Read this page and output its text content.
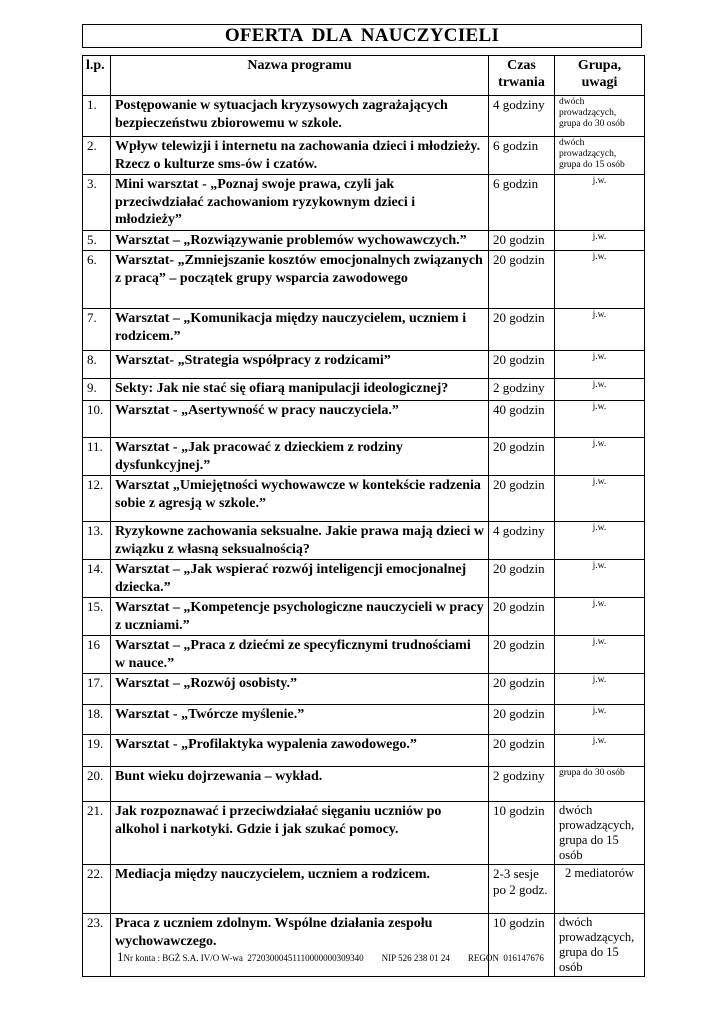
OFERTA DLA NAUCZYCIELI
l.p.	Nazwa programu	Czas trwania	Grupa, uwagi
1.	Postępowanie w sytuacjach kryzysowych zagrażających bezpieczeństwu zbiorowemu w szkole.	4 godziny	dwóch prowadzących, grupa do 30 osób
2.	Wpływ telewizji i internetu na zachowania dzieci i młodzieży. Rzecz o kulturze sms-ów i czatów.	6 godzin	dwóch prowadzących, grupa do 15 osób
3.	Mini warsztat - „Poznaj swoje prawa, czyli jak przeciwdziałać zachowaniom ryzykownym dzieci i młodzieży”	6 godzin	j.w.
5.	Warsztat – „Rozwiązywanie problemów wychowawczych.”	20 godzin	j.w.
6.	Warsztat- „Zmniejszanie kosztów emocjonalnych związanych z pracą” – początek grupy wsparcia zawodowego	20 godzin	j.w.
7.	Warsztat – „Komunikacja między nauczycielem, uczniem i rodzicem.”	20 godzin	j.w.
8.	Warsztat- „Strategia współpracy z rodzicami”	20 godzin	j.w.
9.	Sekty: Jak nie stać się ofiarą manipulacji ideologicznej?	2 godziny	j.w.
10.	Warsztat - „Asertywność w pracy nauczyciela.”	40 godzin	j.w.
11.	Warsztat - „Jak pracować z dzieckiem z rodziny dysfunkcyjnej.”	20 godzin	j.w.
12.	Warsztat „Umiejętności wychowawcze w kontekście radzenia sobie z agresją w szkole.”	20 godzin	j.w.
13.	Ryzykowne zachowania seksualne. Jakie prawa mają dzieci w związku z własną seksualnością?	4 godziny	j.w.
14.	Warsztat – „Jak wspierać rozwój inteligencji emocjonalnej dziecka.”	20 godzin	j.w.
15.	Warsztat – „Kompetencje psychologiczne nauczycieli w pracy z uczniami.”	20 godzin	j.w.
16	Warsztat – „Praca z dziećmi ze specyficznymi trudnościami w nauce.”	20 godzin	j.w.
17.	Warsztat – „Rozwój osobisty.”	20 godzin	j.w.
18.	Warsztat - „Twórcze myślenie.”	20 godzin	j.w.
19.	Warsztat - „Profilaktyka wypalenia zawodowego.”	20 godzin	j.w.
20.	Bunt wieku dojrzewania – wykład.	2 godziny	grupa do 30 osób
21.	Jak rozpoznawać i przeciwdziałać sięganiu uczniów po alkohol i narkotyki. Gdzie i jak szukać pomocy.	10 godzin	dwóch prowadzących, grupa do 15 osób
22.	Mediacja między nauczycielem, uczniem a rodzicem.	2-3 sesje po 2 godz.	2 mediatorów
23.	Praca z uczniem zdolnym. Wspólne działania zespołu wychowawczego.	10 godzin	dwóch prowadzących, grupa do 15 osób
1Nr konta : BGŻ S.A. IV/O W-wa  27203000451110000000309340 NIP 526 238 01 24 REGON  016147676
